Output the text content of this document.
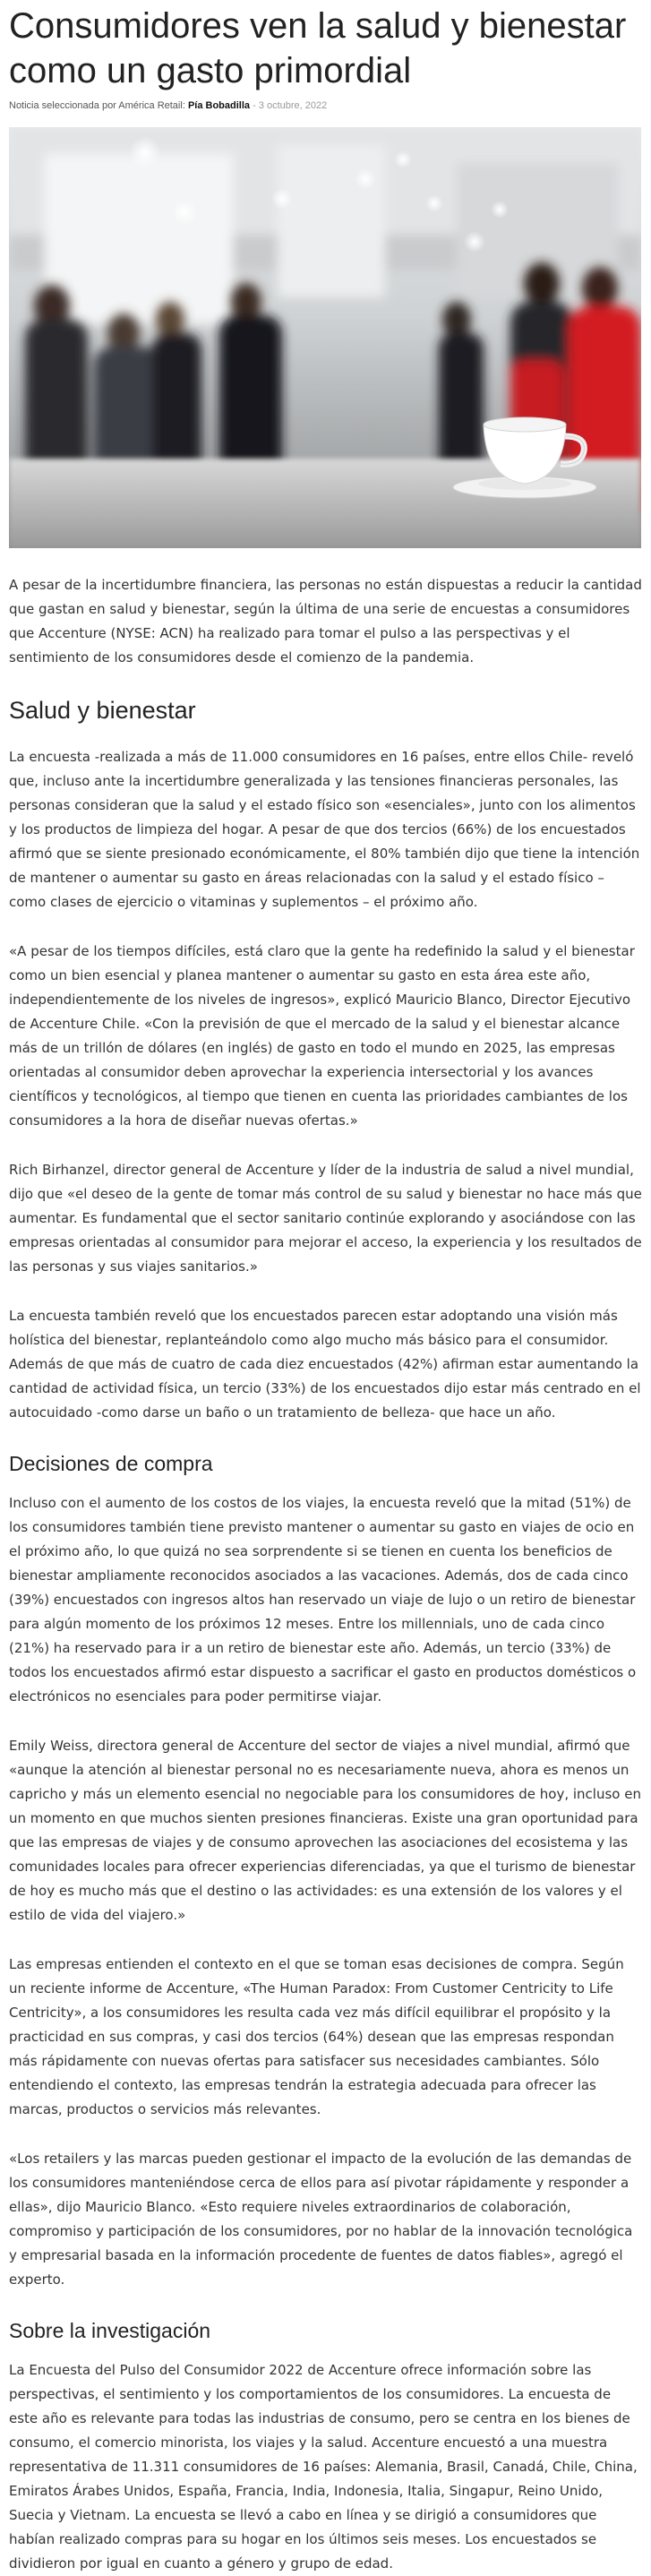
Consumidores ven la salud y bienestar como un gasto primordial
Noticia seleccionada por América Retail: Pía Bobadilla - 3 octubre, 2022

A pesar de la incertidumbre financiera, las personas no están dispuestas a reducir la cantidad que gastan en salud y bienestar, según la última de una serie de encuestas a consumidores que Accenture (NYSE: ACN) ha realizado para tomar el pulso a las perspectivas y el sentimiento de los consumidores desde el comienzo de la pandemia.

Salud y bienestar

La encuesta -realizada a más de 11.000 consumidores en 16 países, entre ellos Chile- reveló que, incluso ante la incertidumbre generalizada y las tensiones financieras personales, las personas consideran que la salud y el estado físico son «esenciales», junto con los alimentos y los productos de limpieza del hogar. A pesar de que dos tercios (66%) de los encuestados afirmó que se siente presionado económicamente, el 80% también dijo que tiene la intención de mantener o aumentar su gasto en áreas relacionadas con la salud y el estado físico – como clases de ejercicio o vitaminas y suplementos – el próximo año.

«A pesar de los tiempos difíciles, está claro que la gente ha redefinido la salud y el bienestar como un bien esencial y planea mantener o aumentar su gasto en esta área este año, independientemente de los niveles de ingresos», explicó Mauricio Blanco, Director Ejecutivo de Accenture Chile. «Con la previsión de que el mercado de la salud y el bienestar alcance más de un trillón de dólares (en inglés) de gasto en todo el mundo en 2025, las empresas orientadas al consumidor deben aprovechar la experiencia intersectorial y los avances científicos y tecnológicos, al tiempo que tienen en cuenta las prioridades cambiantes de los consumidores a la hora de diseñar nuevas ofertas.»

Rich Birhanzel, director general de Accenture y líder de la industria de salud a nivel mundial, dijo que «el deseo de la gente de tomar más control de su salud y bienestar no hace más que aumentar. Es fundamental que el sector sanitario continúe explorando y asociándose con las empresas orientadas al consumidor para mejorar el acceso, la experiencia y los resultados de las personas y sus viajes sanitarios.»

La encuesta también reveló que los encuestados parecen estar adoptando una visión más holística del bienestar, replanteándolo como algo mucho más básico para el consumidor. Además de que más de cuatro de cada diez encuestados (42%) afirman estar aumentando la cantidad de actividad física, un tercio (33%) de los encuestados dijo estar más centrado en el autocuidado -como darse un baño o un tratamiento de belleza- que hace un año.

Decisiones de compra

Incluso con el aumento de los costos de los viajes, la encuesta reveló que la mitad (51%) de los consumidores también tiene previsto mantener o aumentar su gasto en viajes de ocio en el próximo año, lo que quizá no sea sorprendente si se tienen en cuenta los beneficios de bienestar ampliamente reconocidos asociados a las vacaciones. Además, dos de cada cinco (39%) encuestados con ingresos altos han reservado un viaje de lujo o un retiro de bienestar para algún momento de los próximos 12 meses. Entre los millennials, uno de cada cinco (21%) ha reservado para ir a un retiro de bienestar este año. Además, un tercio (33%) de todos los encuestados afirmó estar dispuesto a sacrificar el gasto en productos domésticos o electrónicos no esenciales para poder permitirse viajar.

Emily Weiss, directora general de Accenture del sector de viajes a nivel mundial, afirmó que «aunque la atención al bienestar personal no es necesariamente nueva, ahora es menos un capricho y más un elemento esencial no negociable para los consumidores de hoy, incluso en un momento en que muchos sienten presiones financieras. Existe una gran oportunidad para que las empresas de viajes y de consumo aprovechen las asociaciones del ecosistema y las comunidades locales para ofrecer experiencias diferenciadas, ya que el turismo de bienestar de hoy es mucho más que el destino o las actividades: es una extensión de los valores y el estilo de vida del viajero.»

Las empresas entienden el contexto en el que se toman esas decisiones de compra. Según un reciente informe de Accenture, «The Human Paradox: From Customer Centricity to Life Centricity», a los consumidores les resulta cada vez más difícil equilibrar el propósito y la practicidad en sus compras, y casi dos tercios (64%) desean que las empresas respondan más rápidamente con nuevas ofertas para satisfacer sus necesidades cambiantes. Sólo entendiendo el contexto, las empresas tendrán la estrategia adecuada para ofrecer las marcas, productos o servicios más relevantes.

«Los retailers y las marcas pueden gestionar el impacto de la evolución de las demandas de los consumidores manteniéndose cerca de ellos para así pivotar rápidamente y responder a ellas», dijo Mauricio Blanco. «Esto requiere niveles extraordinarios de colaboración, compromiso y participación de los consumidores, por no hablar de la innovación tecnológica y empresarial basada en la información procedente de fuentes de datos fiables», agregó el experto.

Sobre la investigación

La Encuesta del Pulso del Consumidor 2022 de Accenture ofrece información sobre las perspectivas, el sentimiento y los comportamientos de los consumidores. La encuesta de este año es relevante para todas las industrias de consumo, pero se centra en los bienes de consumo, el comercio minorista, los viajes y la salud. Accenture encuestó a una muestra representativa de 11.311 consumidores de 16 países: Alemania, Brasil, Canadá, Chile, China, Emiratos Árabes Unidos, España, Francia, India, Indonesia, Italia, Singapur, Reino Unido, Suecia y Vietnam. La encuesta se llevó a cabo en línea y se dirigió a consumidores que habían realizado compras para su hogar en los últimos seis meses. Los encuestados se dividieron por igual en cuanto a género y grupo de edad.
